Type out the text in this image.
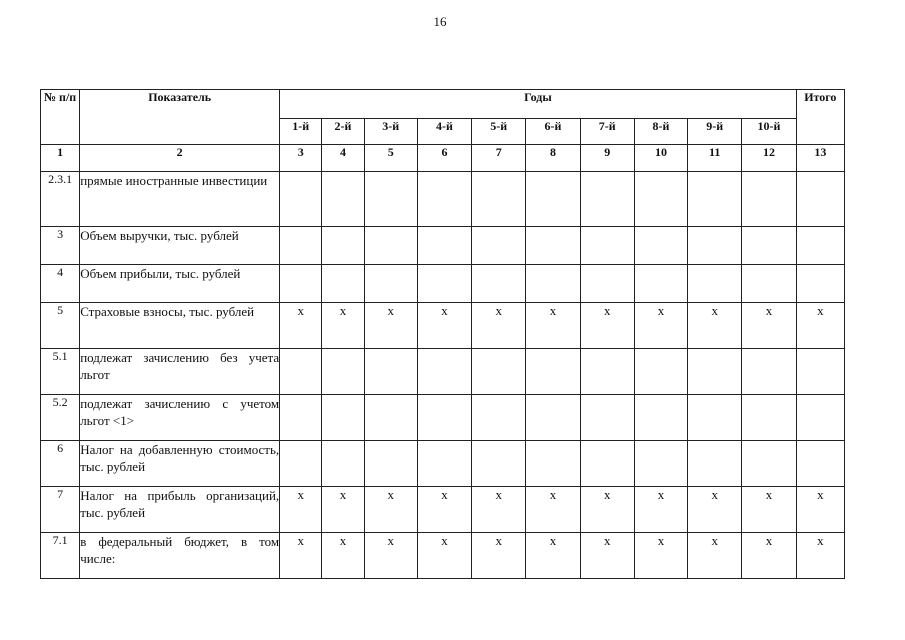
16
№ п/п	Показатель	Годы										Итого
		1-й	2-й	3-й	4-й	5-й	6-й	7-й	8-й	9-й	10-й	
1	2	3	4	5	6	7	8	9	10	11	12	13
2.3.1	прямые иностранные инвестиции											
3	Объем выручки, тыс. рублей											
4	Объем прибыли, тыс. рублей											
5	Страховые взносы, тыс. рублей	х	х	х	х	х	х	х	х	х	х	х
5.1	подлежат зачислению без учета льгот											
5.2	подлежат зачислению с учетом льгот <1>											
6	Налог на добавленную стоимость, тыс. рублей											
7	Налог на прибыль организаций, тыс. рублей	х	х	х	х	х	х	х	х	х	х	х
7.1	в федеральный бюджет, в том числе:	х	х	х	х	х	х	х	х	х	х	х
